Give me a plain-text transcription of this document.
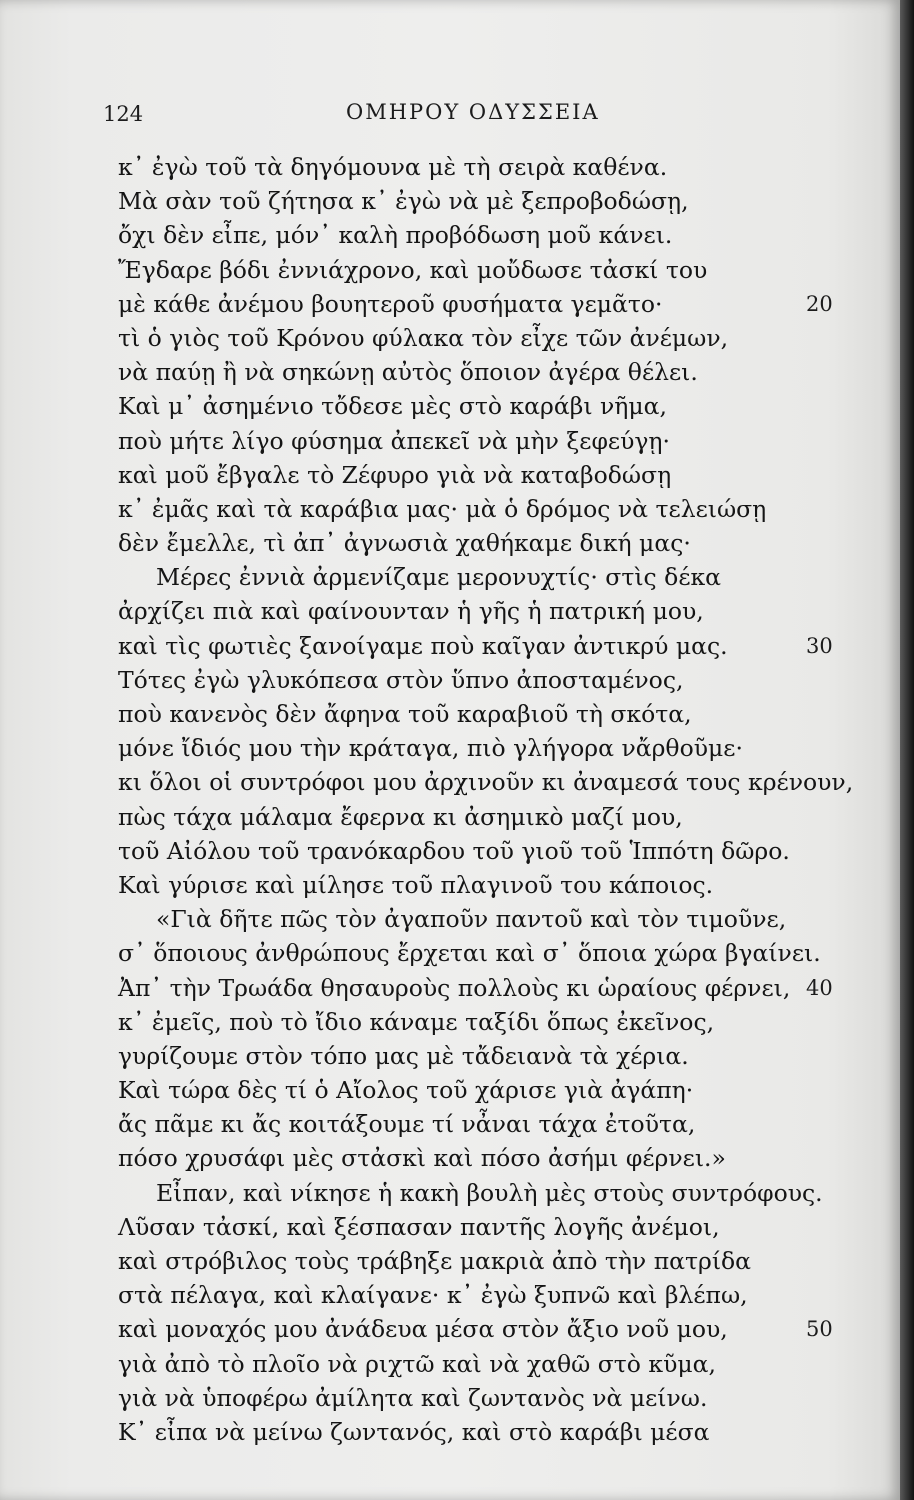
124	ΟΜΗΡΟΥ ΟΔΥΣΣΕΙΑ
κ᾿ ἐγὼ τοῦ τὰ δηγόμουνα μὲ τὴ σειρὰ καθένα.
Μὰ σὰν τοῦ ζήτησα κ᾿ ἐγὼ νὰ μὲ ξεπροβοδώσῃ,
ὄχι δὲν εἶπε, μόν᾿ καλὴ προβόδωση μοῦ κάνει.
Ἔγδαρε βόδι ἐννιάχρονο, καὶ μοὔδωσε τἀσκί του
μὲ κάθε ἀνέμου βουητεροῦ φυσήματα γεμᾶτο·	20
τὶ ὁ γιὸς τοῦ Κρόνου φύλακα τὸν εἶχε τῶν ἀνέμων,
νὰ παύῃ ἢ νὰ σηκώνῃ αὐτὸς ὅποιον ἀγέρα θέλει.
Καὶ μ᾿ ἀσημένιο τὄδεσε μὲς στὸ καράβι νῆμα,
ποὺ μήτε λίγο φύσημα ἀπεκεῖ νὰ μὴν ξεφεύγῃ·
καὶ μοῦ ἔβγαλε τὸ Ζέφυρο γιὰ νὰ καταβοδώσῃ
κ᾿ ἐμᾶς καὶ τὰ καράβια μας· μὰ ὁ δρόμος νὰ τελειώσῃ
δὲν ἔμελλε, τὶ ἀπ᾿ ἀγνωσιὰ χαθήκαμε δική μας·
Μέρες ἐννιὰ ἀρμενίζαμε μερονυχτίς· στὶς δέκα
ἀρχίζει πιὰ καὶ φαίνουνταν ἡ γῆς ἡ πατρική μου,
καὶ τὶς φωτιὲς ξανοίγαμε ποὺ καῖγαν ἀντικρύ μας.	30
Τότες ἐγὼ γλυκόπεσα στὸν ὕπνο ἀποσταμένος,
ποὺ κανενὸς δὲν ἄφηνα τοῦ καραβιοῦ τὴ σκότα,
μόνε ἴδιός μου τὴν κράταγα, πιὸ γλήγορα νἄρθοῦμε·
κι ὅλοι οἱ συντρόφοι μου ἀρχινοῦν κι ἀναμεσά τους κρένουν,
πὼς τάχα μάλαμα ἔφερνα κι ἀσημικὸ μαζί μου,
τοῦ Αἰόλου τοῦ τρανόκαρδου τοῦ γιοῦ τοῦ Ἱππότη δῶρο.
Καὶ γύρισε καὶ μίλησε τοῦ πλαγινοῦ του κάποιος.
«Γιὰ δῆτε πῶς τὸν ἀγαποῦν παντοῦ καὶ τὸν τιμοῦνε,
σ᾿ ὅποιους ἀνθρώπους ἔρχεται καὶ σ᾿ ὅποια χώρα βγαίνει.
Ἀπ᾿ τὴν Τρωάδα θησαυροὺς πολλοὺς κι ὡραίους φέρνει, 40
κ᾿ ἐμεῖς, ποὺ τὸ ἴδιο κάναμε ταξίδι ὅπως ἐκεῖνος,
γυρίζουμε στὸν τόπο μας μὲ τἄδειανὰ τὰ χέρια.
Καὶ τώρα δὲς τί ὁ Αἴολος τοῦ χάρισε γιὰ ἀγάπη·
ἄς πᾶμε κι ἄς κοιτάξουμε τί νἆναι τάχα ἐτοῦτα,
πόσο χρυσάφι μὲς στἀσκὶ καὶ πόσο ἀσήμι φέρνει.»
Εἶπαν, καὶ νίκησε ἡ κακὴ βουλὴ μὲς στοὺς συντρόφους.
Λῦσαν τἀσκί, καὶ ξέσπασαν παντῆς λογῆς ἀνέμοι,
καὶ στρόβιλος τοὺς τράβηξε μακριὰ ἀπὸ τὴν πατρίδα
στὰ πέλαγα, καὶ κλαίγανε· κ᾿ ἐγὼ ξυπνῶ καὶ βλέπω,
καὶ μοναχός μου ἀνάδευα μέσα στὸν ἄξιο νοῦ μου,	50
γιὰ ἀπὸ τὸ πλοῖο νὰ ριχτῶ καὶ νὰ χαθῶ στὸ κῦμα,
γιὰ νὰ ὑποφέρω ἀμίλητα καὶ ζωντανὸς νὰ μείνω.
Κ᾿ εἶπα νὰ μείνω ζωντανός, καὶ στὸ καράβι μέσα
